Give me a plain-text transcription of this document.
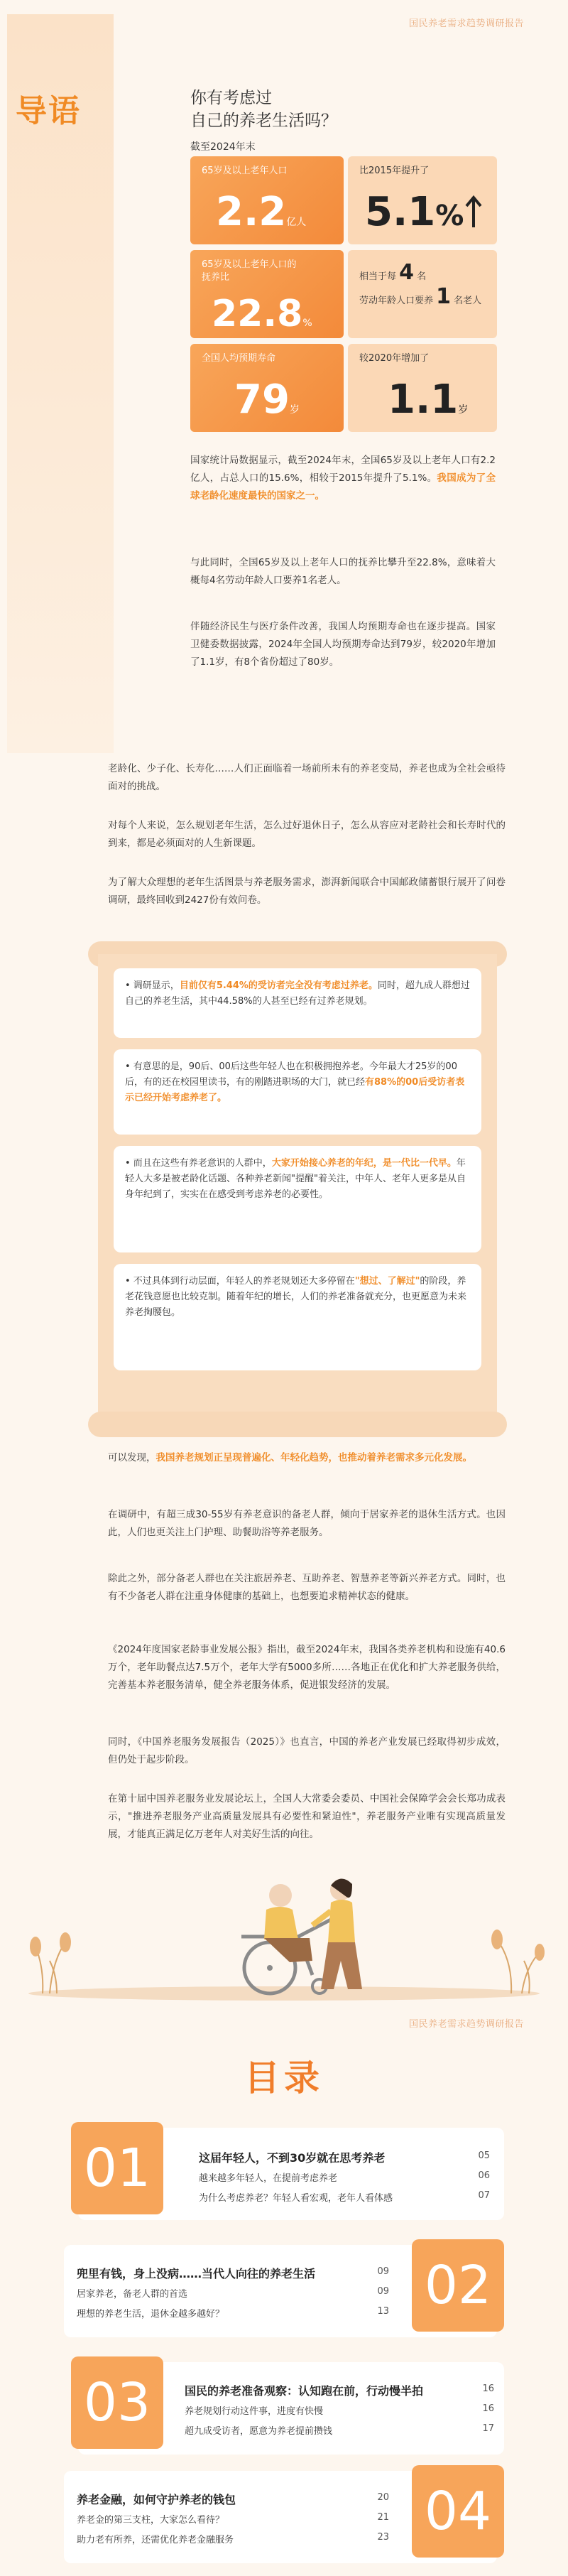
国民养老需求趋势调研报告
导语	你有考虑过
自己的养老生活吗？
截至2024年末
65岁及以上老年人口
2.2亿人
比2015年提升了
5.1%
65岁及以上老年人口的
抚养比
22.8%
相当于每 4 名
劳动年龄人口要养 1 名老人
全国人均预期寿命
79岁
较2020年增加了
1.1岁
国家统计局数据显示，截至2024年末，全国65岁及以上老年人口有2.2亿人，占总人口的15.6%，相较于2015年提升了5.1%。我国成为了全球老龄化速度最快的国家之一。
与此同时，全国65岁及以上老年人口的抚养比攀升至22.8%，意味着大概每4名劳动年龄人口要养1名老人。
伴随经济民生与医疗条件改善，我国人均预期寿命也在逐步提高。国家卫健委数据披露，2024年全国人均预期寿命达到79岁，较2020年增加了1.1岁，有8个省份超过了80岁。
老龄化、少子化、长寿化……人们正面临着一场前所未有的养老变局，养老也成为全社会亟待面对的挑战。
对每个人来说，怎么规划老年生活，怎么过好退休日子，怎么从容应对老龄社会和长寿时代的到来，都是必须面对的人生新课题。
为了解大众理想的老年生活图景与养老服务需求，澎湃新闻联合中国邮政储蓄银行展开了问卷调研，最终回收到2427份有效问卷。
• 调研显示，目前仅有5.44%的受访者完全没有考虑过养老。同时，超九成人群想过自己的养老生活，其中44.58%的人甚至已经有过养老规划。
• 有意思的是，90后、00后这些年轻人也在积极拥抱养老。今年最大才25岁的00后，有的还在校园里读书，有的刚踏进职场的大门，就已经有88%的00后受访者表示已经开始考虑养老了。
• 而且在这些有养老意识的人群中，大家开始接心养老的年纪，是一代比一代早。年轻人大多是被老龄化话题、各种养老新闻"提醒"着关注，中年人、老年人更多是从自身年纪到了，实实在在感受到考虑养老的必要性。
• 不过具体到行动层面，年轻人的养老规划还大多停留在"想过、了解过"的阶段，养老花钱意愿也比较克制。随着年纪的增长，人们的养老准备就充分，也更愿意为未来养老掏腰包。
可以发现，我国养老规划正呈现普遍化、年轻化趋势，也推动着养老需求多元化发展。
在调研中，有超三成30-55岁有养老意识的备老人群，倾向于居家养老的退休生活方式。也因此，人们也更关注上门护理、助餐助浴等养老服务。
除此之外，部分备老人群也在关注旅居养老、互助养老、智慧养老等新兴养老方式。同时，也有不少备老人群在注重身体健康的基础上，也想要追求精神状态的健康。
《2024年度国家老龄事业发展公报》指出，截至2024年末，我国各类养老机构和设施有40.6万个，老年助餐点达7.5万个，老年大学有5000多所……各地正在优化和扩大养老服务供给，完善基本养老服务清单，健全养老服务体系，促进银发经济的发展。
同时，《中国养老服务发展报告（2025）》也直言，中国的养老产业发展已经取得初步成效，但仍处于起步阶段。
在第十届中国养老服务业发展论坛上，全国人大常委会委员、中国社会保障学会会长郑功成表示，"推进养老服务产业高质量发展具有必要性和紧迫性"，养老服务产业唯有实现高质量发展，才能真正满足亿万老年人对美好生活的向往。
国民养老需求趋势调研报告
目录
01	这届年轻人，不到30岁就在思考养老	05
越来越多年轻人，在提前考虑养老	06
为什么考虑养老？年轻人看宏观，老年人看体感	07
02
兜里有钱，身上没病……当代人向往的养老生活	09
居家养老，备老人群的首选	09
理想的养老生活，退休金越多越好？	13
03	国民的养老准备观察：认知跑在前，行动慢半拍	16
养老规划行动这件事，进度有快慢	16
超九成受访者，愿意为养老提前攒钱	17
04
养老金融，如何守护养老的钱包	20
养老金的第三支柱，大家怎么看待？	21
助力老有所养，还需优化养老金融服务	23
